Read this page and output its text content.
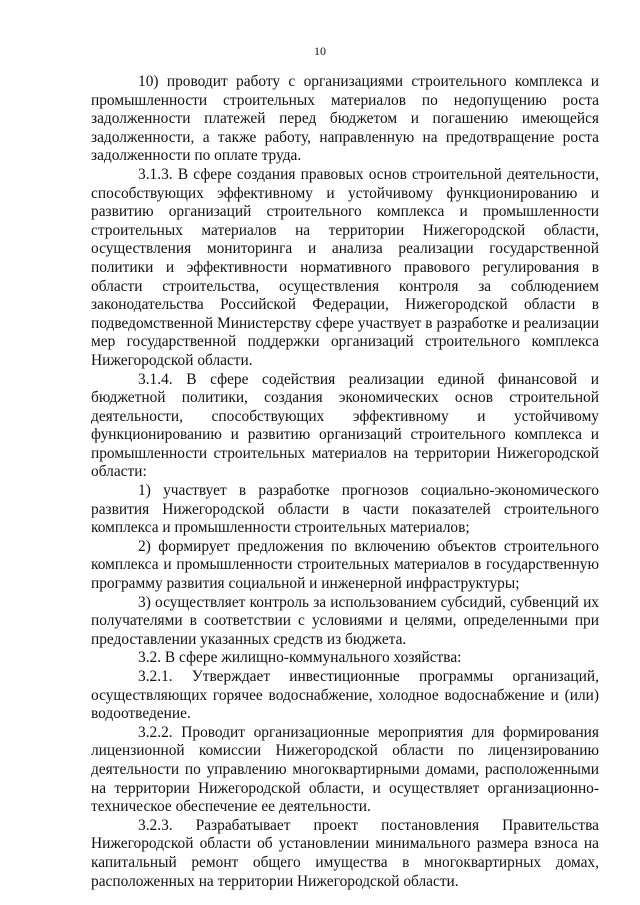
10

10) проводит работу с организациями строительного комплекса и промышленности строительных материалов по недопущению роста задолженности платежей перед бюджетом и погашению имеющейся задолженности, а также работу, направленную на предотвращение роста задолженности по оплате труда.

3.1.3. В сфере создания правовых основ строительной деятельности, способствующих эффективному и устойчивому функционированию и развитию организаций строительного комплекса и промышленности строительных материалов на территории Нижегородской области, осуществления мониторинга и анализа реализации государственной политики и эффективности нормативного правового регулирования в области строительства, осуществления контроля за соблюдением законодательства Российской Федерации, Нижегородской области в подведомственной Министерству сфере участвует в разработке и реализации мер государственной поддержки организаций строительного комплекса Нижегородской области.

3.1.4. В сфере содействия реализации единой финансовой и бюджетной политики, создания экономических основ строительной деятельности, способствующих эффективному и устойчивому функционированию и развитию организаций строительного комплекса и промышленности строительных материалов на территории Нижегородской области:

1) участвует в разработке прогнозов социально-экономического развития Нижегородской области в части показателей строительного комплекса и промышленности строительных материалов;

2) формирует предложения по включению объектов строительного комплекса и промышленности строительных материалов в государственную программу развития социальной и инженерной инфраструктуры;

3) осуществляет контроль за использованием субсидий, субвенций их получателями в соответствии с условиями и целями, определенными при предоставлении указанных средств из бюджета.

3.2. В сфере жилищно-коммунального хозяйства:

3.2.1. Утверждает инвестиционные программы организаций, осуществляющих горячее водоснабжение, холодное водоснабжение и (или) водоотведение.

3.2.2. Проводит организационные мероприятия для формирования лицензионной комиссии Нижегородской области по лицензированию деятельности по управлению многоквартирными домами, расположенными на территории Нижегородской области, и осуществляет организационно-техническое обеспечение ее деятельности.

3.2.3. Разрабатывает проект постановления Правительства Нижегородской области об установлении минимального размера взноса на капитальный ремонт общего имущества в многоквартирных домах, расположенных на территории Нижегородской области.
